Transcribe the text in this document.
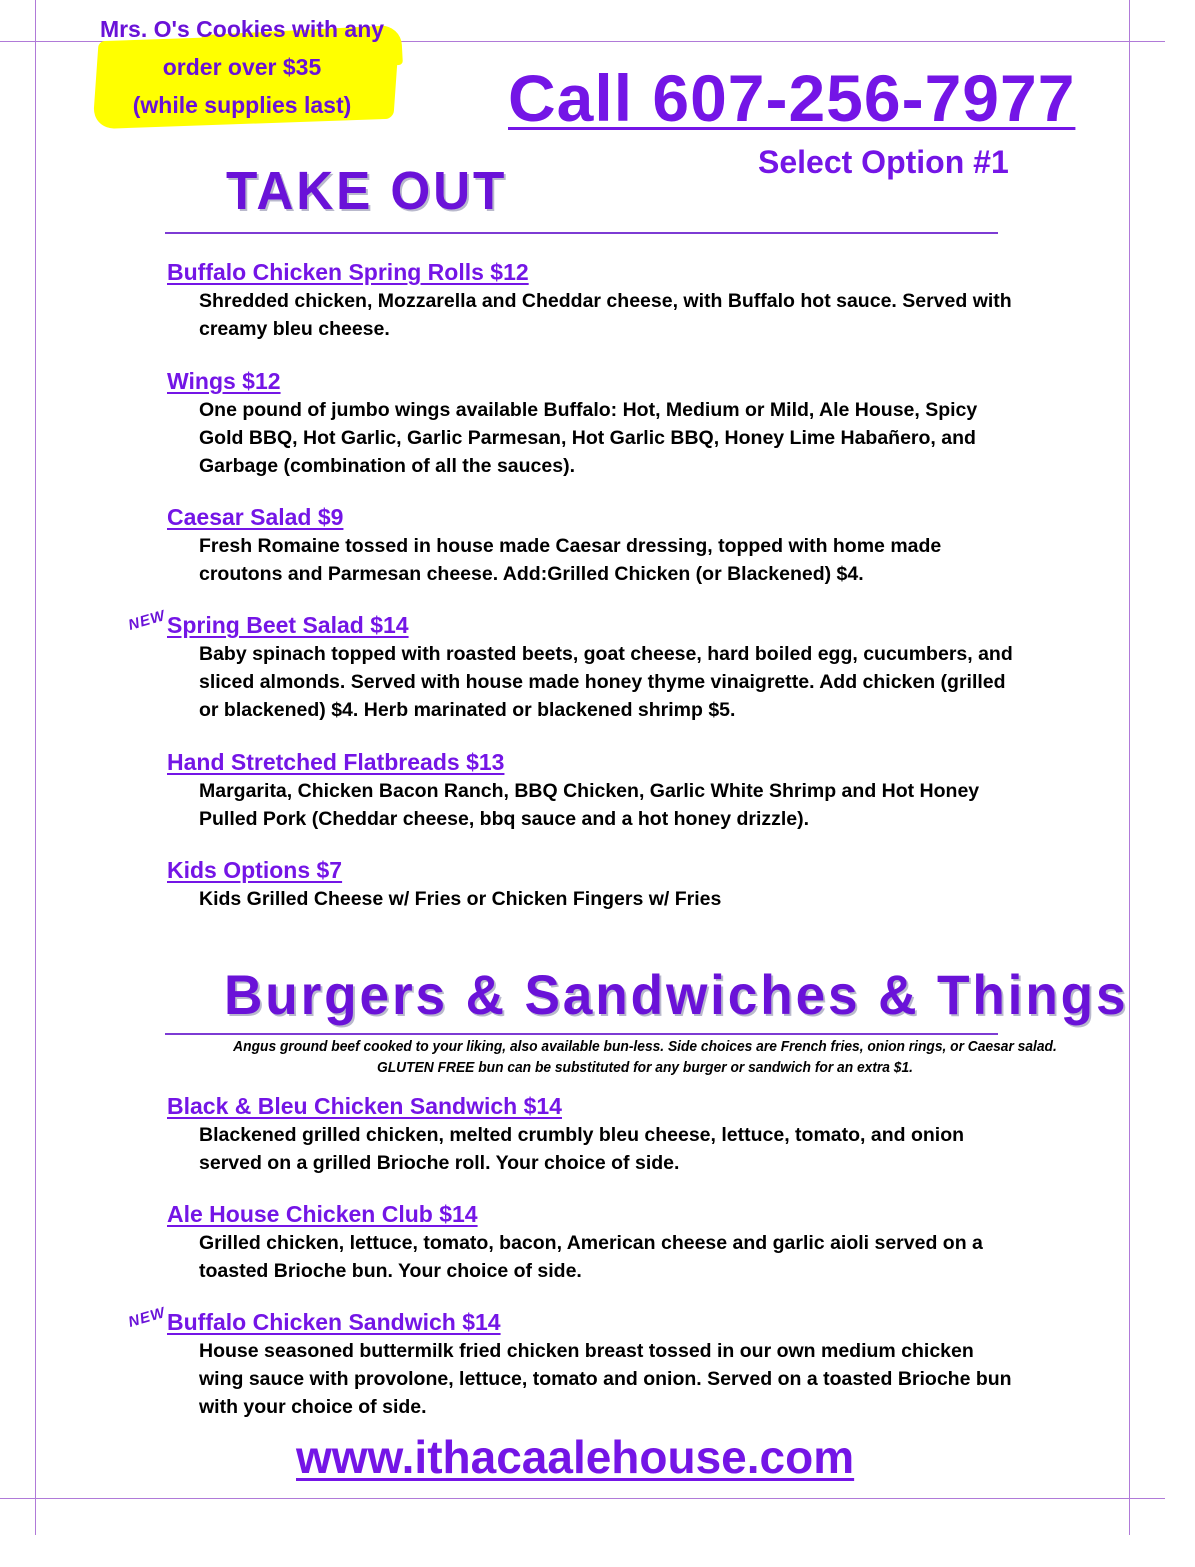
Mrs. O's Cookies with any
order over $35
(while supplies last)	Call 607-256-7977
Select Option #1
TAKE OUT
Buffalo Chicken Spring Rolls $12
Shredded chicken, Mozzarella and Cheddar cheese, with Buffalo hot sauce. Served with creamy bleu cheese.
Wings $12
One pound of jumbo wings available Buffalo: Hot, Medium or Mild, Ale House, Spicy Gold BBQ, Hot Garlic, Garlic Parmesan, Hot Garlic BBQ, Honey Lime Habañero, and Garbage (combination of all the sauces).
Caesar Salad $9
Fresh Romaine tossed in house made Caesar dressing, topped with home made croutons and Parmesan cheese. Add:Grilled Chicken (or Blackened) $4.
NEW Spring Beet Salad $14
Baby spinach topped with roasted beets, goat cheese, hard boiled egg, cucumbers, and sliced almonds. Served with house made honey thyme vinaigrette. Add chicken (grilled or blackened) $4. Herb marinated or blackened shrimp $5.
Hand Stretched Flatbreads $13
Margarita, Chicken Bacon Ranch, BBQ Chicken, Garlic White Shrimp and Hot Honey Pulled Pork (Cheddar cheese, bbq sauce and a hot honey drizzle).
Kids Options $7
Kids Grilled Cheese w/ Fries or Chicken Fingers w/ Fries
Burgers & Sandwiches & Things
Angus ground beef cooked to your liking, also available bun-less. Side choices are French fries, onion rings, or Caesar salad.
GLUTEN FREE bun can be substituted for any burger or sandwich for an extra $1.
Black & Bleu Chicken Sandwich $14
Blackened grilled chicken, melted crumbly bleu cheese, lettuce, tomato, and onion served on a grilled Brioche roll. Your choice of side.
Ale House Chicken Club $14
Grilled chicken, lettuce, tomato, bacon, American cheese and garlic aioli served on a toasted Brioche bun. Your choice of side.
NEW Buffalo Chicken Sandwich $14
House seasoned buttermilk fried chicken breast tossed in our own medium chicken wing sauce with provolone, lettuce, tomato and onion. Served on a toasted Brioche bun with your choice of side.
www.ithacaalehouse.com
